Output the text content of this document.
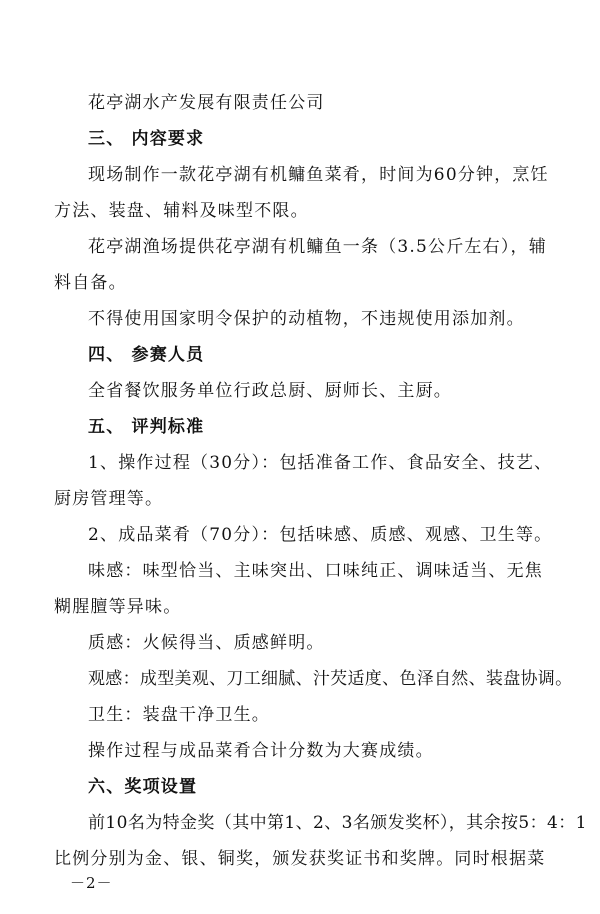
花亭湖水产发展有限责任公司
三、 内容要求
现场制作一款花亭湖有机鳙鱼菜肴，时间为60分钟，烹饪
方法、装盘、辅料及味型不限。
花亭湖渔场提供花亭湖有机鳙鱼一条（3.5公斤左右），辅
料自备。
不得使用国家明令保护的动植物，不违规使用添加剂。
四、 参赛人员
全省餐饮服务单位行政总厨、厨师长、主厨。
五、 评判标准
1、操作过程（30分）：包括准备工作、食品安全、技艺、
厨房管理等。
2、成品菜肴（70分）：包括味感、质感、观感、卫生等。
味感：味型恰当、主味突出、口味纯正、调味适当、无焦
糊腥膻等异味。
质感：火候得当、质感鲜明。
观感：成型美观、刀工细腻、汁芡适度、色泽自然、装盘协调。
卫生：装盘干净卫生。
操作过程与成品菜肴合计分数为大赛成绩。
六、奖项设置
前10名为特金奖（其中第1、2、3名颁发奖杯），其余按5：4：1
比例分别为金、银、铜奖，颁发获奖证书和奖牌。同时根据菜
－2－
